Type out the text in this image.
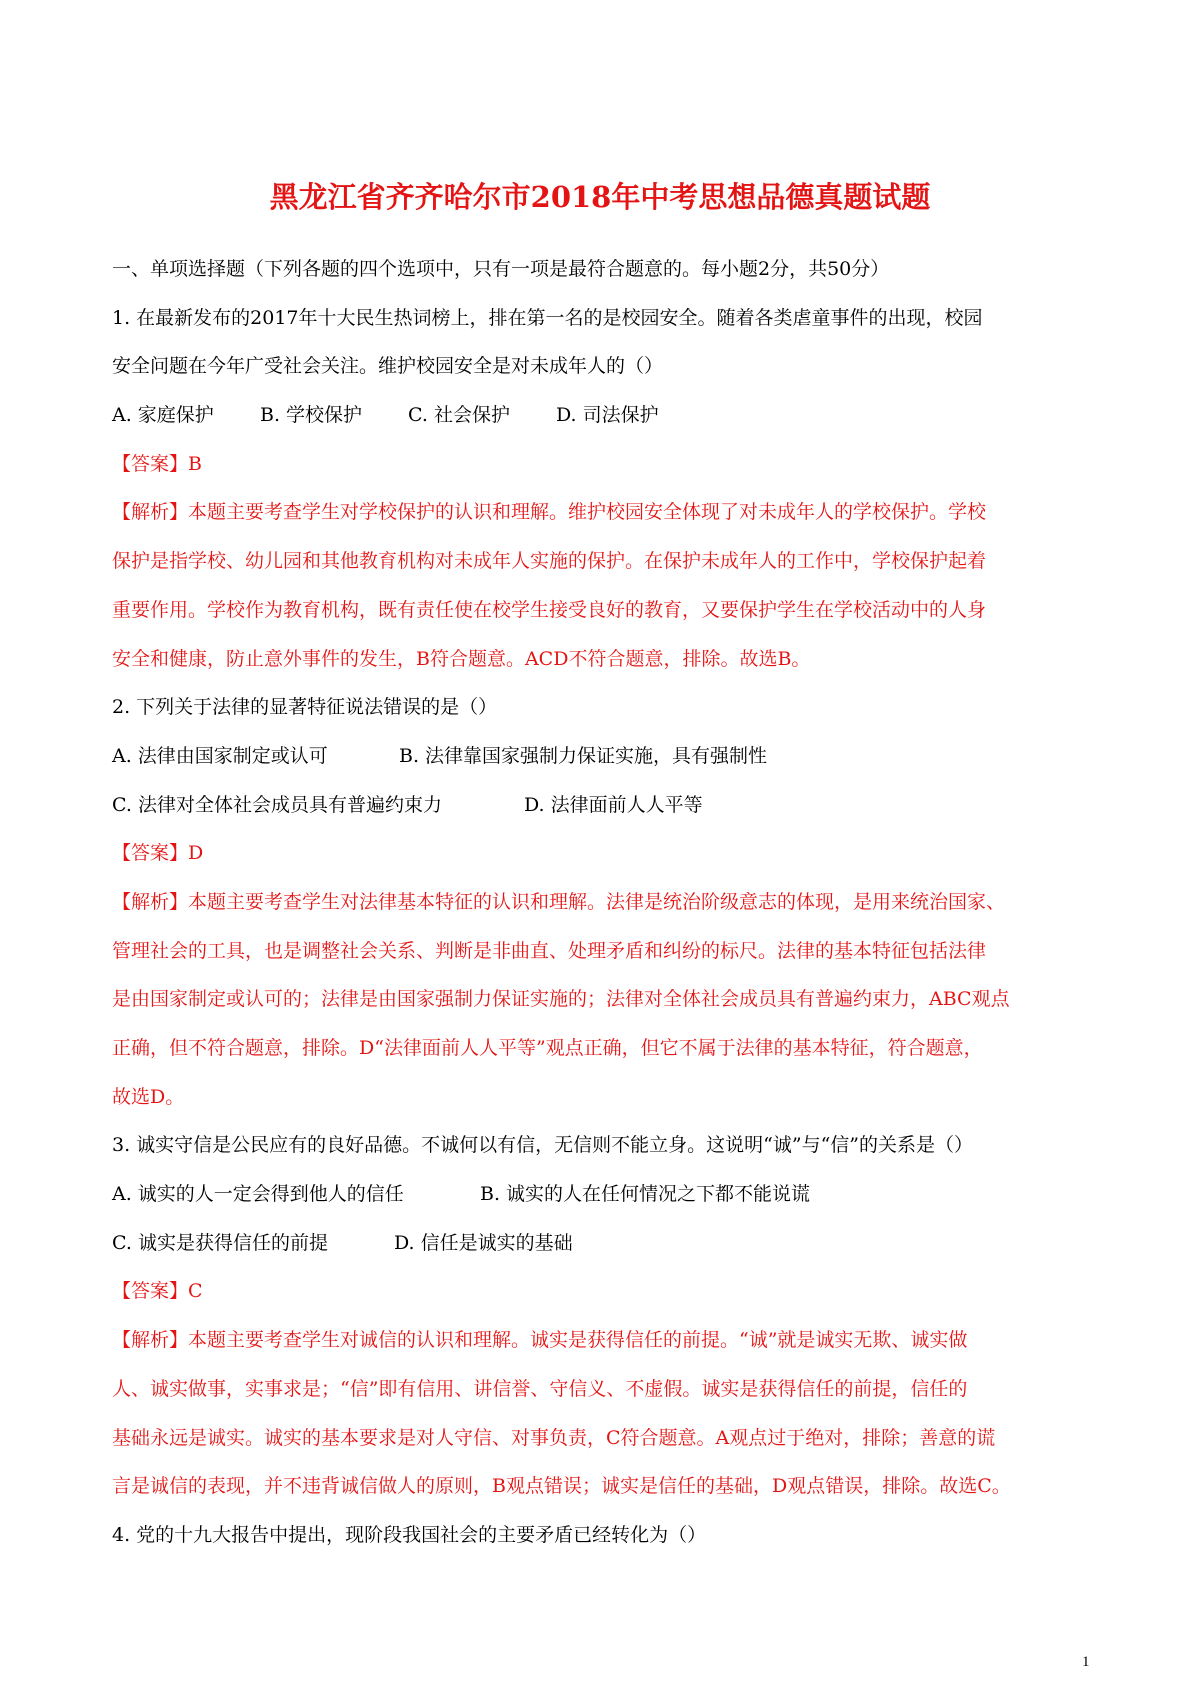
黑龙江省齐齐哈尔市2018年中考思想品德真题试题
一、单项选择题（下列各题的四个选项中，只有一项是最符合题意的。每小题2分，共50分）
1. 在最新发布的2017年十大民生热词榜上，排在第一名的是校园安全。随着各类虐童事件的出现，校园
安全问题在今年广受社会关注。维护校园安全是对未成年人的（）
A. 家庭保护 B. 学校保护 C. 社会保护 D. 司法保护
【答案】B
【解析】本题主要考查学生对学校保护的认识和理解。维护校园安全体现了对未成年人的学校保护。学校
保护是指学校、幼儿园和其他教育机构对未成年人实施的保护。在保护未成年人的工作中，学校保护起着
重要作用。学校作为教育机构，既有责任使在校学生接受良好的教育，又要保护学生在学校活动中的人身
安全和健康，防止意外事件的发生，B符合题意。ACD不符合题意，排除。故选B。
2. 下列关于法律的显著特征说法错误的是（）
A. 法律由国家制定或认可	B. 法律靠国家强制力保证实施，具有强制性
C. 法律对全体社会成员具有普遍约束力	D. 法律面前人人平等
【答案】D
【解析】本题主要考查学生对法律基本特征的认识和理解。法律是统治阶级意志的体现，是用来统治国家、
管理社会的工具，也是调整社会关系、判断是非曲直、处理矛盾和纠纷的标尺。法律的基本特征包括法律
是由国家制定或认可的；法律是由国家强制力保证实施的；法律对全体社会成员具有普遍约束力，ABC观点
正确，但不符合题意，排除。D“法律面前人人平等”观点正确，但它不属于法律的基本特征，符合题意，
故选D。
3. 诚实守信是公民应有的良好品德。不诚何以有信，无信则不能立身。这说明“诚”与“信”的关系是（）
A. 诚实的人一定会得到他人的信任	B. 诚实的人在任何情况之下都不能说谎
C. 诚实是获得信任的前提	D. 信任是诚实的基础
【答案】C
【解析】本题主要考查学生对诚信的认识和理解。诚实是获得信任的前提。“诚”就是诚实无欺、诚实做
人、诚实做事，实事求是；“信”即有信用、讲信誉、守信义、不虚假。诚实是获得信任的前提，信任的
基础永远是诚实。诚实的基本要求是对人守信、对事负责，C符合题意。A观点过于绝对，排除；善意的谎
言是诚信的表现，并不违背诚信做人的原则，B观点错误；诚实是信任的基础，D观点错误，排除。故选C。
4. 党的十九大报告中提出，现阶段我国社会的主要矛盾已经转化为（）
1
